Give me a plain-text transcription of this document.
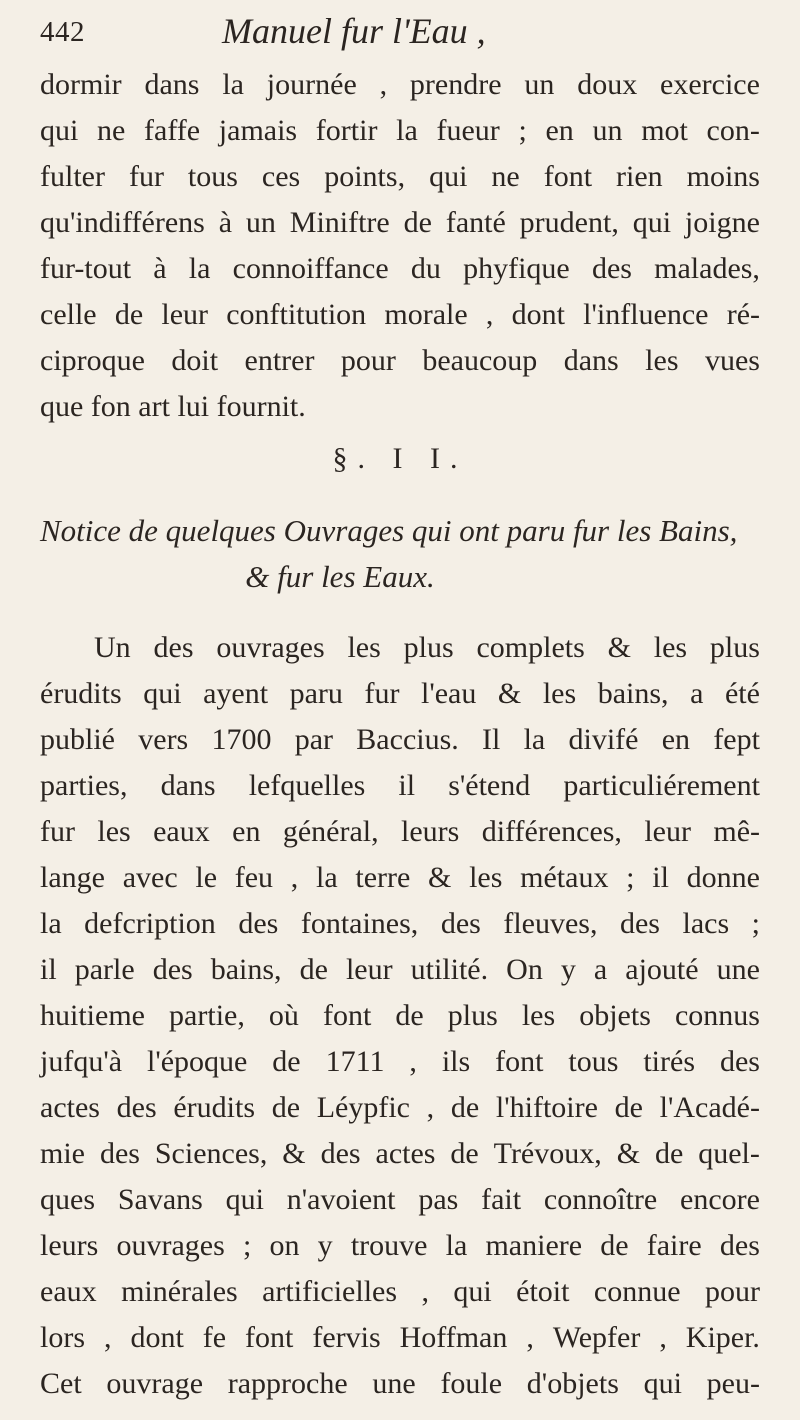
442	Manuel fur l'Eau ,
dormir dans la journée , prendre un doux exercice
qui ne faffe jamais fortir la fueur ; en un mot con-
fulter fur tous ces points, qui ne font rien moins
qu'indifférens à un Miniftre de fanté prudent, qui joigne
fur-tout à la connoiffance du phyfique des malades,
celle de leur conftitution morale , dont l'influence ré-
ciproque doit entrer pour beaucoup dans les vues
que fon art lui fournit.
§. I I.
Notice de quelques Ouvrages qui ont paru fur les Bains,
& fur les Eaux.
Un des ouvrages les plus complets & les plus
érudits qui ayent paru fur l'eau & les bains, a été
publié vers 1700 par Baccius. Il la divifé en fept
parties, dans lefquelles il s'étend particuliérement
fur les eaux en général, leurs différences, leur mê-
lange avec le feu , la terre & les métaux ; il donne
la defcription des fontaines, des fleuves, des lacs ;
il parle des bains, de leur utilité. On y a ajouté une
huitieme partie, où font de plus les objets connus
jufqu'à l'époque de 1711 , ils font tous tirés des
actes des érudits de Léypfic , de l'hiftoire de l'Acadé-
mie des Sciences, & des actes de Trévoux, & de quel-
ques Savans qui n'avoient pas fait connoître encore
leurs ouvrages ; on y trouve la maniere de faire des
eaux minérales artificielles , qui étoit connue pour
lors , dont fe font fervis Hoffman , Wepfer , Kiper.
Cet ouvrage rapproche une foule d'objets qui peu-
